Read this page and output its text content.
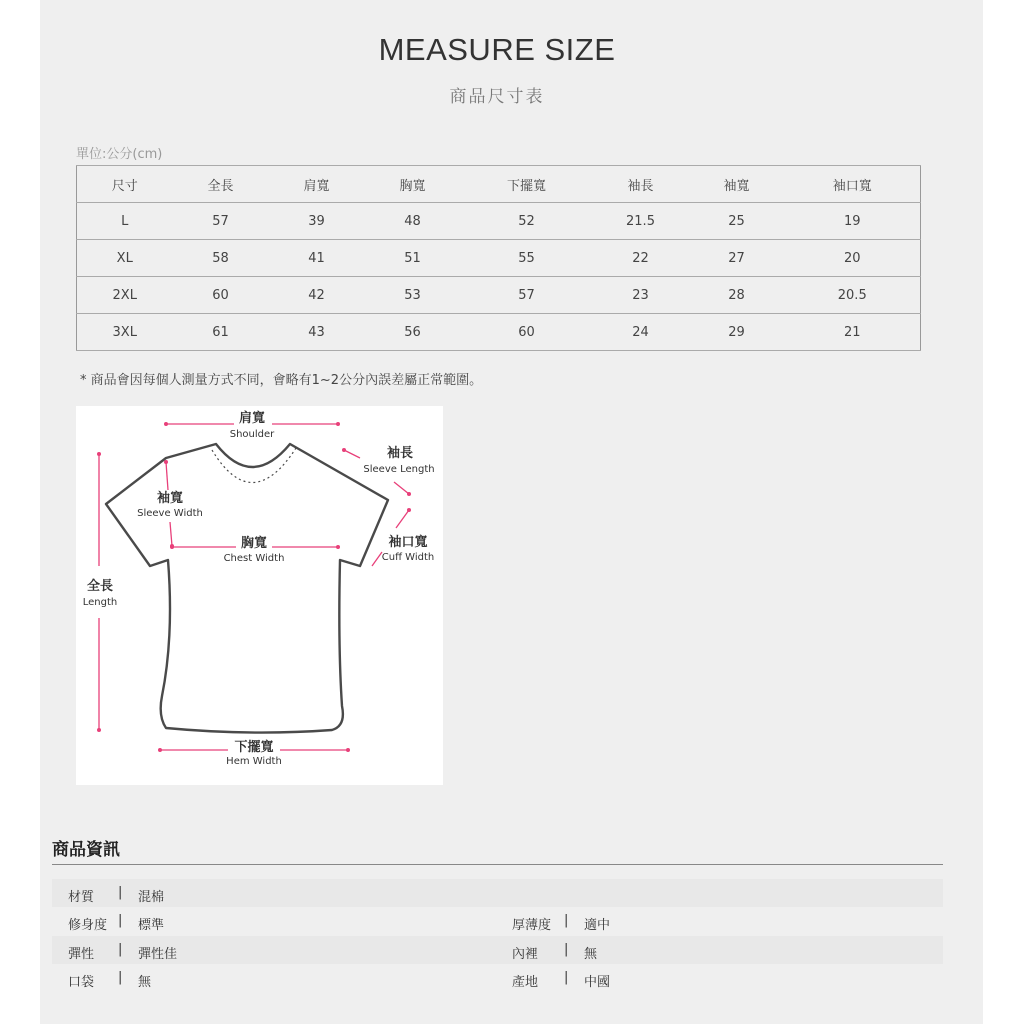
MEASURE SIZE
商品尺寸表
單位:公分(cm)
尺寸	全長	肩寬	胸寬	下擺寬	袖長	袖寬	袖口寬
L	57	39	48	52	21.5	25	19
XL	58	41	51	55	22	27	20
2XL	60	42	53	57	23	28	20.5
3XL	61	43	56	60	24	29	21
* 商品會因每個人測量方式不同，會略有1~2公分內誤差屬正常範圍。
肩寬
Shoulder
袖長
Sleeve Length
袖寬
Sleeve Width
胸寬
Chest Width
袖口寬
Cuff Width
全長
Length
下擺寬
Hem Width
商品資訊
材質 | 混棉
修身度 | 標準	厚薄度 | 適中
彈性 | 彈性佳	內裡 | 無
口袋 | 無	產地 | 中國
